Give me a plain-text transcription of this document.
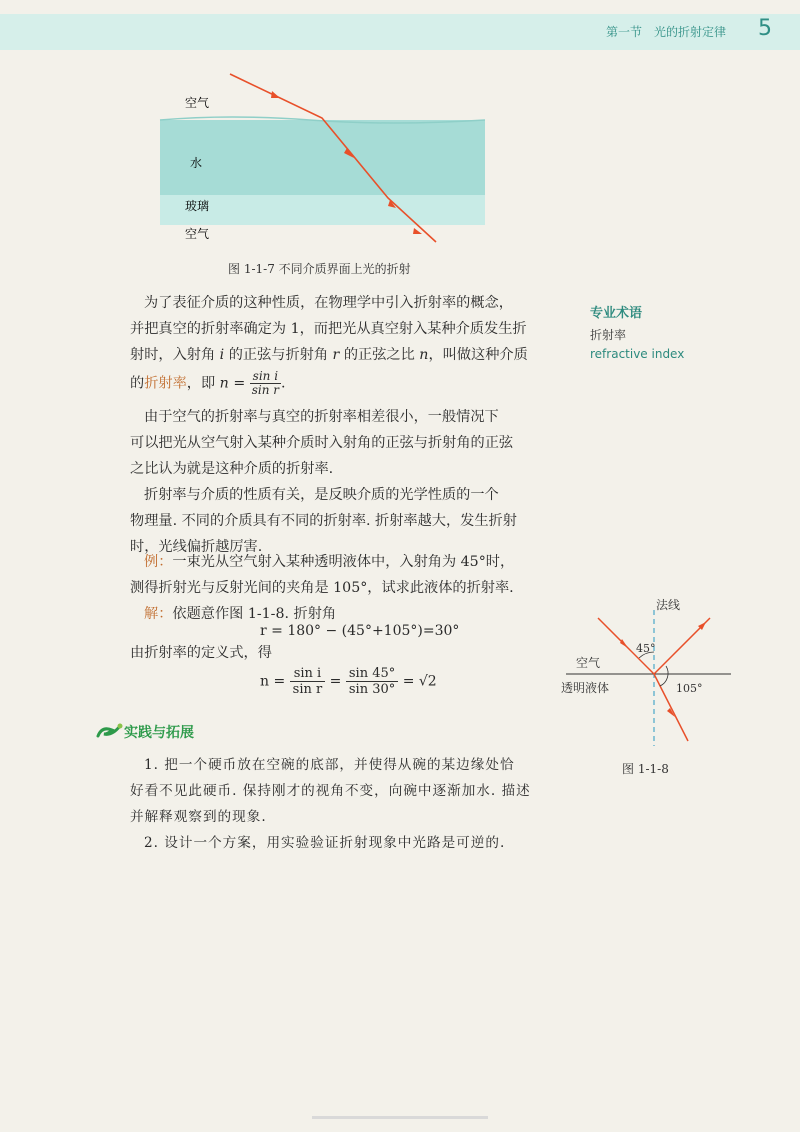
第一节 光的折射定律 5
空气
水
玻璃
空气
图 1-1-7 不同介质界面上光的折射
为了表征介质的这种性质，在物理学中引入折射率的概念，
并把真空的折射率确定为 1，而把光从真空射入某种介质发生折
射时，入射角 i 的正弦与折射角 r 的正弦之比 n，叫做这种介质
的折射率，即 $n = \frac{\text{sin i}}{\text{sin r}}$ .
由于空气的折射率与真空的折射率相差很小，一般情况下
可以把光从空气射入某种介质时入射角的正弦与折射角的正弦
之比认为就是这种介质的折射率.
折射率与介质的性质有关，是反映介质的光学性质的一个
物理量. 不同的介质具有不同的折射率. 折射率越大，发生折射
时，光线偏折越厉害.
例：一束光从空气射入某种透明液体中，入射角为 45°时，
测得折射光与反射光间的夹角是 105°，试求此液体的折射率.
解：依题意作图 1-1-8. 折射角
r = 180° − (45°+105°)=30°
由折射率的定义式，得
$n = \frac{\text{sin i}}{\text{sin r}} = \frac{\sin 45^\circ}{\sin 30^\circ} = √2$
专业术语
折射率
refractive index
法线
45°
空气
透明液体	105°
图 1-1-8
实践与拓展
1. 把一个硬币放在空碗的底部，并使得从碗的某边缘处恰
好看不见此硬币. 保持刚才的视角不变，向碗中逐渐加水. 描述
并解释观察到的现象.
2. 设计一个方案，用实验验证折射现象中光路是可逆的.
